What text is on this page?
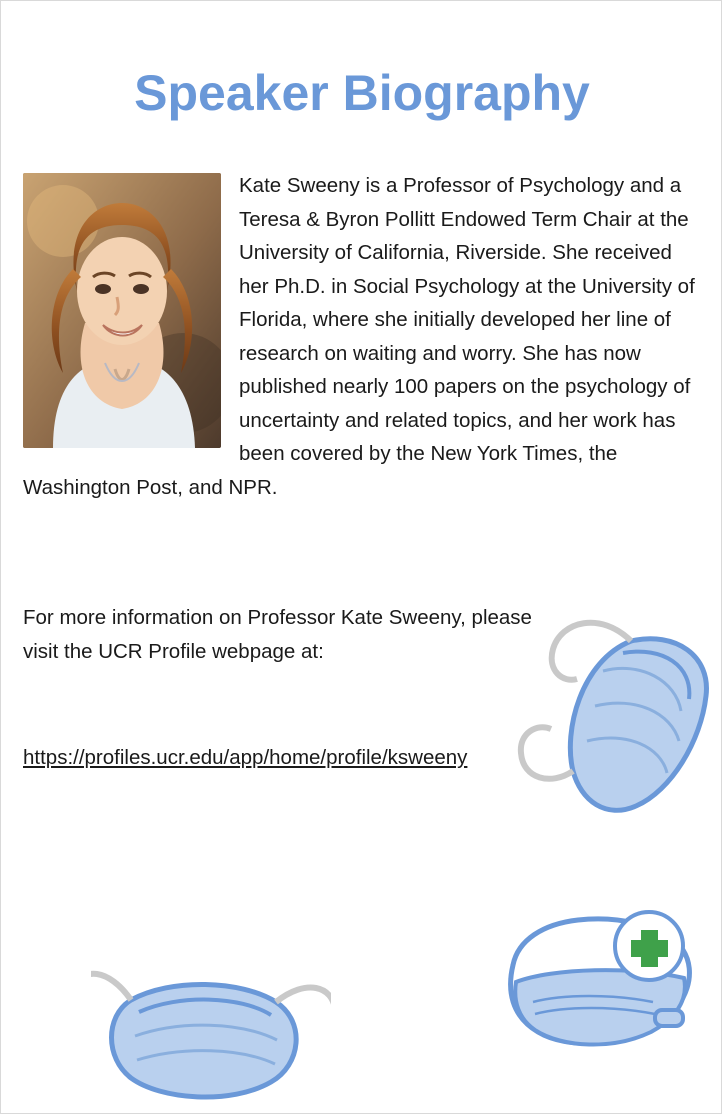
Speaker Biography
Kate Sweeny is a Professor of Psychology and a Teresa & Byron Pollitt Endowed Term Chair at the University of California, Riverside. She received her Ph.D. in Social Psychology at the University of Florida, where she initially developed her line of research on waiting and worry. She has now published nearly 100 papers on the psychology of uncertainty and related topics, and her work has been covered by the New York Times, the Washington Post, and NPR.
For more information on Professor Kate Sweeny, please visit the UCR Profile webpage at:
https://profiles.ucr.edu/app/home/profile/ksweeny
